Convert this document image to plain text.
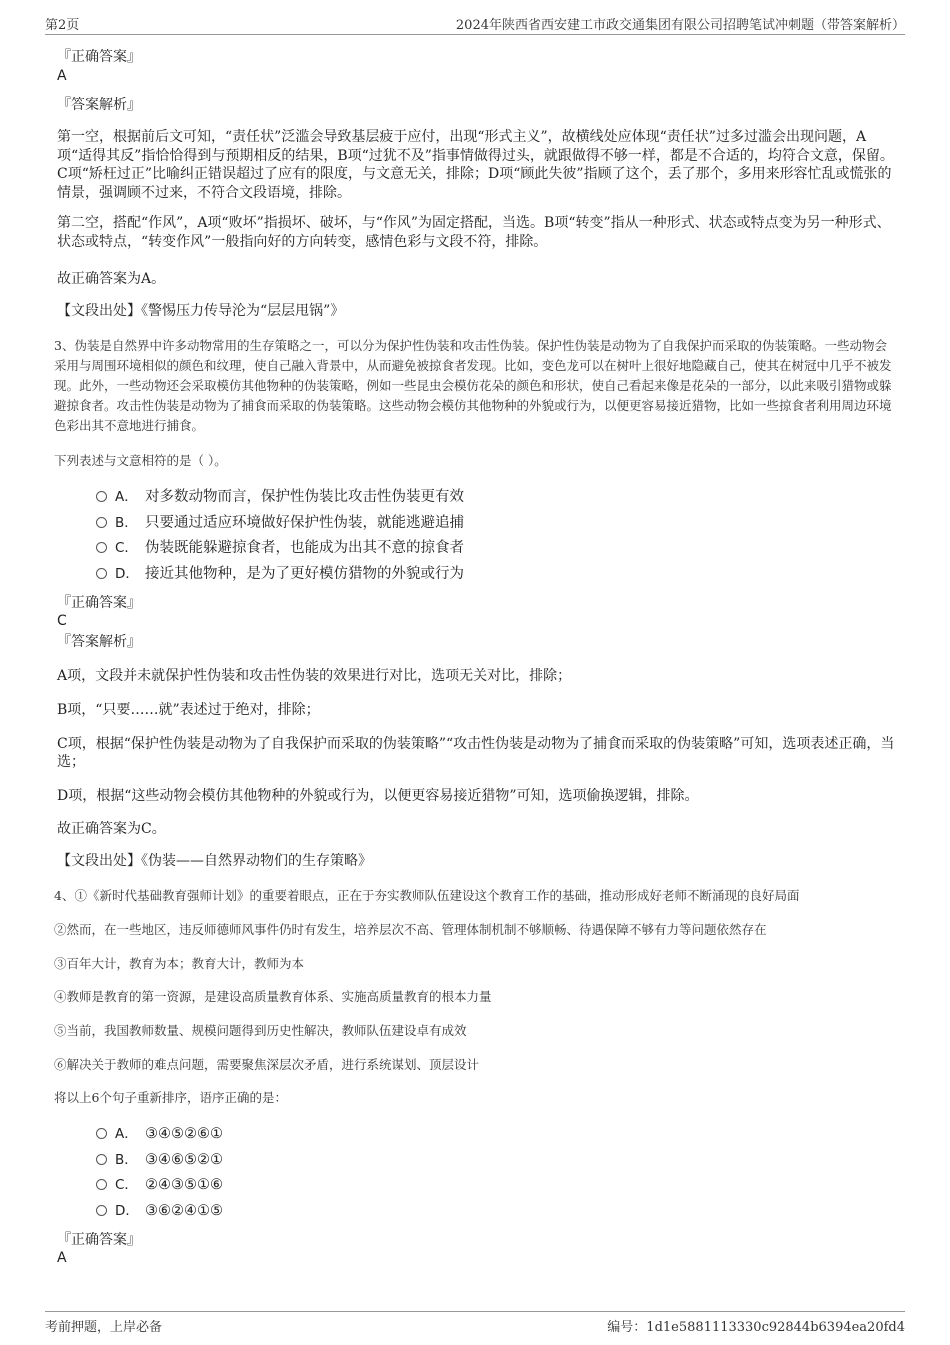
第2页	2024年陕西省西安建工市政交通集团有限公司招聘笔试冲刺题（带答案解析）

『正确答案』

A

『答案解析』

第一空，根据前后文可知，“责任状”泛滥会导致基层疲于应付，出现“形式主义”，故横线处应体现“责任状”过多过滥会出现问题，A项“适得其反”指恰恰得到与预期相反的结果，B项“过犹不及”指事情做得过头，就跟做得不够一样，都是不合适的，均符合文意，保留。C项“矫枉过正”比喻纠正错误超过了应有的限度，与文意无关，排除；D项“顾此失彼”指顾了这个，丢了那个，多用来形容忙乱或慌张的情景，强调顾不过来，不符合文段语境，排除。

第二空，搭配“作风”，A项“败坏”指损坏、破坏，与“作风”为固定搭配，当选。B项“转变”指从一种形式、状态或特点变为另一种形式、状态或特点，“转变作风”一般指向好的方向转变，感情色彩与文段不符，排除。

故正确答案为A。

【文段出处】《警惕压力传导沦为“层层甩锅”》

3、伪装是自然界中许多动物常用的生存策略之一，可以分为保护性伪装和攻击性伪装。保护性伪装是动物为了自我保护而采取的伪装策略。一些动物会采用与周围环境相似的颜色和纹理，使自己融入背景中，从而避免被掠食者发现。比如，变色龙可以在树叶上很好地隐藏自己，使其在树冠中几乎不被发现。此外，一些动物还会采取模仿其他物种的伪装策略，例如一些昆虫会模仿花朵的颜色和形状，使自己看起来像是花朵的一部分，以此来吸引猎物或躲避掠食者。攻击性伪装是动物为了捕食而采取的伪装策略。这些动物会模仿其他物种的外貌或行为，以便更容易接近猎物，比如一些掠食者利用周边环境色彩出其不意地进行捕食。

下列表述与文意相符的是（ ）。

A． 对多数动物而言，保护性伪装比攻击性伪装更有效
B． 只要通过适应环境做好保护性伪装，就能逃避追捕
C． 伪装既能躲避掠食者，也能成为出其不意的掠食者
D． 接近其他物种，是为了更好模仿猎物的外貌或行为

『正确答案』

C

『答案解析』

A项，文段并未就保护性伪装和攻击性伪装的效果进行对比，选项无关对比，排除；

B项，“只要……就”表述过于绝对，排除；

C项，根据“保护性伪装是动物为了自我保护而采取的伪装策略”“攻击性伪装是动物为了捕食而采取的伪装策略”可知，选项表述正确，当选；

D项，根据“这些动物会模仿其他物种的外貌或行为，以便更容易接近猎物”可知，选项偷换逻辑，排除。

故正确答案为C。

【文段出处】《伪装——自然界动物们的生存策略》

4、①《新时代基础教育强师计划》的重要着眼点，正在于夯实教师队伍建设这个教育工作的基础，推动形成好老师不断涌现的良好局面

②然而，在一些地区，违反师德师风事件仍时有发生，培养层次不高、管理体制机制不够顺畅、待遇保障不够有力等问题依然存在

③百年大计，教育为本；教育大计，教师为本

④教师是教育的第一资源，是建设高质量教育体系、实施高质量教育的根本力量

⑤当前，我国教师数量、规模问题得到历史性解决，教师队伍建设卓有成效

⑥解决关于教师的难点问题，需要聚焦深层次矛盾，进行系统谋划、顶层设计

将以上6个句子重新排序，语序正确的是：

A． ③④⑤②⑥①
B． ③④⑥⑤②①
C． ②④③⑤①⑥
D． ③⑥②④①⑤

『正确答案』

A

考前押题，上岸必备	编号：1d1e5881113330c92844b6394ea20fd4
